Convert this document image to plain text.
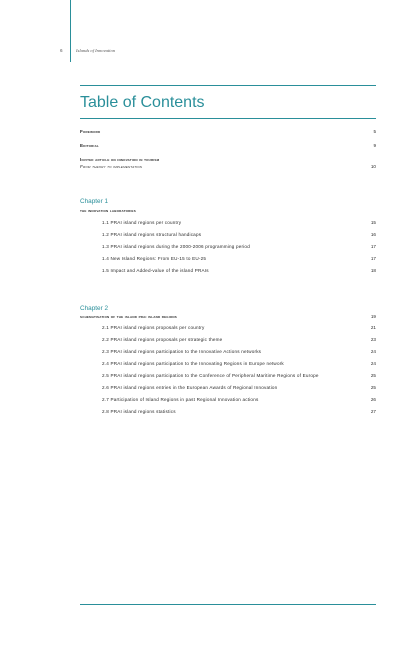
6	Islands of Innovation
Table of Contents
Foreword	5
Editorial	9
Invited article on innovation in tourism
From theory to implementation	10
Chapter 1
the innovation laboratories
1.1 PRAI island regions per country	15
1.2 PRAI island regions structural handicaps	16
1.3 PRAI island regions during the 2000-2006 programming period	17
1.4 New Island Regions: From EU-15 to EU-25	17
1.5 Impact and Added-value of the island PRAIs	18
Chapter 2
schematisation of the island prai island regions	19
2.1 PRAI island regions proposals per country	21
2.2 PRAI island regions proposals per strategic theme	23
2.3 PRAI island regions participation to the Innovative Actions networks	24
2.4 PRAI island regions participation to the Innovating Regions in Europe network	24
2.5 PRAI island regions participation to the Conference of Peripheral Maritime Regions of Europe	25
2.6 PRAI island regions entries in the European Awards of Regional Innovation	25
2.7 Participation of Island Regions in past Regional Innovation actions	26
2.8 PRAI island regions statistics	27
